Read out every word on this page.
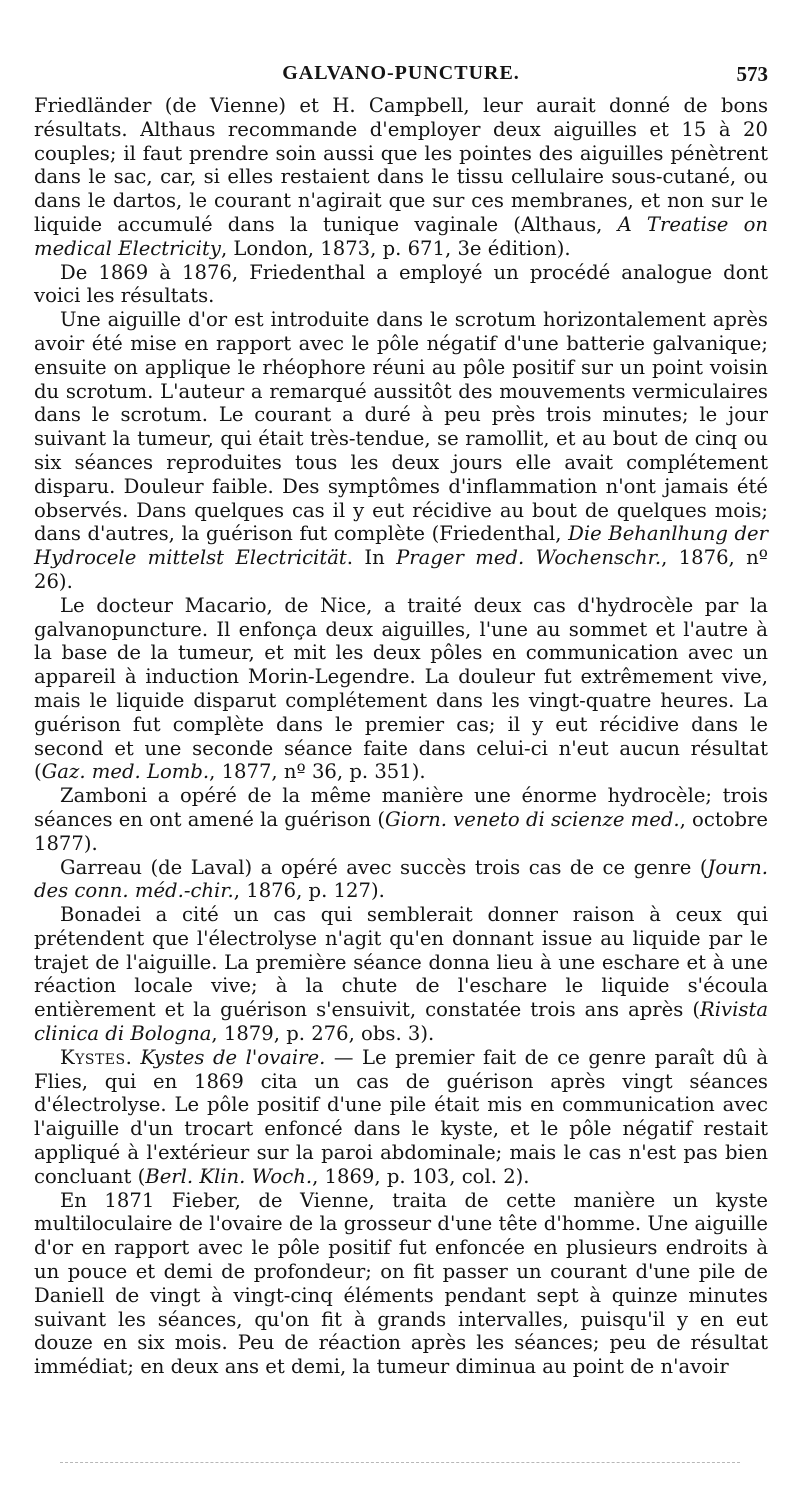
GALVANO-PUNCTURE.	573

Friedländer (de Vienne) et H. Campbell, leur aurait donné de bons résultats. Althaus recommande d'employer deux aiguilles et 15 à 20 couples; il faut prendre soin aussi que les pointes des aiguilles pénètrent dans le sac, car, si elles restaient dans le tissu cellulaire sous-cutané, ou dans le dartos, le courant n'agirait que sur ces membranes, et non sur le liquide accumulé dans la tunique vaginale (Althaus, A Treatise on medical Electricity, London, 1873, p. 671, 3e édition).

De 1869 à 1876, Friedenthal a employé un procédé analogue dont voici les résultats.

Une aiguille d'or est introduite dans le scrotum horizontalement après avoir été mise en rapport avec le pôle négatif d'une batterie galvanique; ensuite on applique le rhéophore réuni au pôle positif sur un point voisin du scrotum. L'auteur a remarqué aussitôt des mouvements vermiculaires dans le scrotum. Le courant a duré à peu près trois minutes; le jour suivant la tumeur, qui était très-tendue, se ramollit, et au bout de cinq ou six séances reproduites tous les deux jours elle avait complétement disparu. Douleur faible. Des symptômes d'inflammation n'ont jamais été observés. Dans quelques cas il y eut récidive au bout de quelques mois; dans d'autres, la guérison fut complète (Friedenthal, Die Behanlhung der Hydrocele mittelst Electricität. In Prager med. Wochenschr., 1876, nº 26).

Le docteur Macario, de Nice, a traité deux cas d'hydrocèle par la galvanopuncture. Il enfonça deux aiguilles, l'une au sommet et l'autre à la base de la tumeur, et mit les deux pôles en communication avec un appareil à induction Morin-Legendre. La douleur fut extrêmement vive, mais le liquide disparut complétement dans les vingt-quatre heures. La guérison fut complète dans le premier cas; il y eut récidive dans le second et une seconde séance faite dans celui-ci n'eut aucun résultat (Gaz. med. Lomb., 1877, nº 36, p. 351).

Zamboni a opéré de la même manière une énorme hydrocèle; trois séances en ont amené la guérison (Giorn. veneto di scienze med., octobre 1877).

Garreau (de Laval) a opéré avec succès trois cas de ce genre (Journ. des conn. méd.-chir., 1876, p. 127).

Bonadei a cité un cas qui semblerait donner raison à ceux qui prétendent que l'électrolyse n'agit qu'en donnant issue au liquide par le trajet de l'aiguille. La première séance donna lieu à une eschare et à une réaction locale vive; à la chute de l'eschare le liquide s'écoula entièrement et la guérison s'ensuivit, constatée trois ans après (Rivista clinica di Bologna, 1879, p. 276, obs. 3).

Kystes. Kystes de l'ovaire. — Le premier fait de ce genre paraît dû à Flies, qui en 1869 cita un cas de guérison après vingt séances d'électrolyse. Le pôle positif d'une pile était mis en communication avec l'aiguille d'un trocart enfoncé dans le kyste, et le pôle négatif restait appliqué à l'extérieur sur la paroi abdominale; mais le cas n'est pas bien concluant (Berl. Klin. Woch., 1869, p. 103, col. 2).

En 1871 Fieber, de Vienne, traita de cette manière un kyste multiloculaire de l'ovaire de la grosseur d'une tête d'homme. Une aiguille d'or en rapport avec le pôle positif fut enfoncée en plusieurs endroits à un pouce et demi de profondeur; on fit passer un courant d'une pile de Daniell de vingt à vingt-cinq éléments pendant sept à quinze minutes suivant les séances, qu'on fit à grands intervalles, puisqu'il y en eut douze en six mois. Peu de réaction après les séances; peu de résultat immédiat; en deux ans et demi, la tumeur diminua au point de n'avoir
